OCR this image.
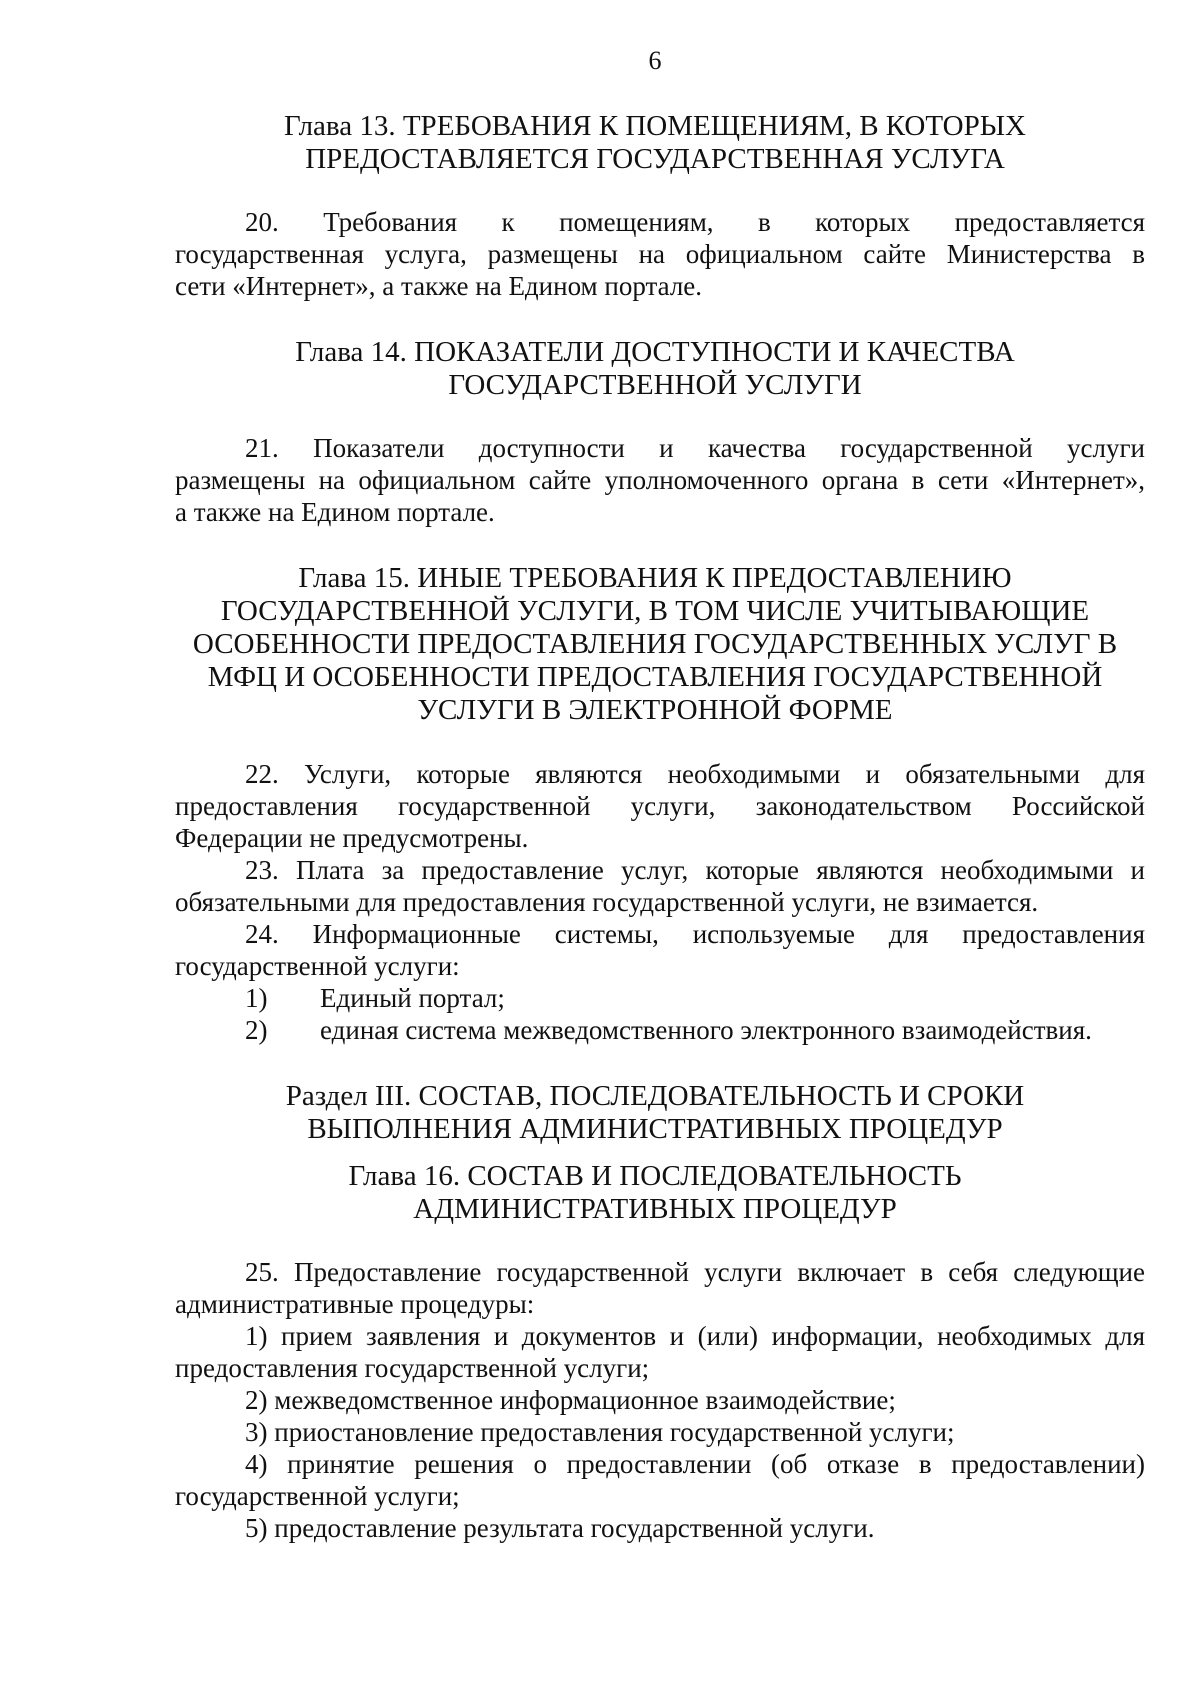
6
Глава 13. ТРЕБОВАНИЯ К ПОМЕЩЕНИЯМ, В КОТОРЫХ
ПРЕДОСТАВЛЯЕТСЯ ГОСУДАРСТВЕННАЯ УСЛУГА
20. Требования к помещениям, в которых предоставляется
государственная услуга, размещены на официальном сайте Министерства в
сети «Интернет», а также на Едином портале.
Глава 14. ПОКАЗАТЕЛИ ДОСТУПНОСТИ И КАЧЕСТВА
ГОСУДАРСТВЕННОЙ УСЛУГИ
21. Показатели доступности и качества государственной услуги
размещены на официальном сайте уполномоченного органа в сети «Интернет»,
а также на Едином портале.
Глава 15. ИНЫЕ ТРЕБОВАНИЯ К ПРЕДОСТАВЛЕНИЮ
ГОСУДАРСТВЕННОЙ УСЛУГИ, В ТОМ ЧИСЛЕ УЧИТЫВАЮЩИЕ
ОСОБЕННОСТИ ПРЕДОСТАВЛЕНИЯ ГОСУДАРСТВЕННЫХ УСЛУГ В
МФЦ И ОСОБЕННОСТИ ПРЕДОСТАВЛЕНИЯ ГОСУДАРСТВЕННОЙ
УСЛУГИ В ЭЛЕКТРОННОЙ ФОРМЕ
22. Услуги, которые являются необходимыми и обязательными для
предоставления государственной услуги, законодательством Российской
Федерации не предусмотрены.
23. Плата за предоставление услуг, которые являются необходимыми и
обязательными для предоставления государственной услуги, не взимается.
24. Информационные системы, используемые для предоставления
государственной услуги:
1) Единый портал;
2) единая система межведомственного электронного взаимодействия.
Раздел III. СОСТАВ, ПОСЛЕДОВАТЕЛЬНОСТЬ И СРОКИ
ВЫПОЛНЕНИЯ АДМИНИСТРАТИВНЫХ ПРОЦЕДУР
Глава 16. СОСТАВ И ПОСЛЕДОВАТЕЛЬНОСТЬ
АДМИНИСТРАТИВНЫХ ПРОЦЕДУР
25. Предоставление государственной услуги включает в себя следующие
административные процедуры:
1) прием заявления и документов и (или) информации, необходимых для
предоставления государственной услуги;
2) межведомственное информационное взаимодействие;
3) приостановление предоставления государственной услуги;
4) принятие решения о предоставлении (об отказе в предоставлении)
государственной услуги;
5) предоставление результата государственной услуги.
